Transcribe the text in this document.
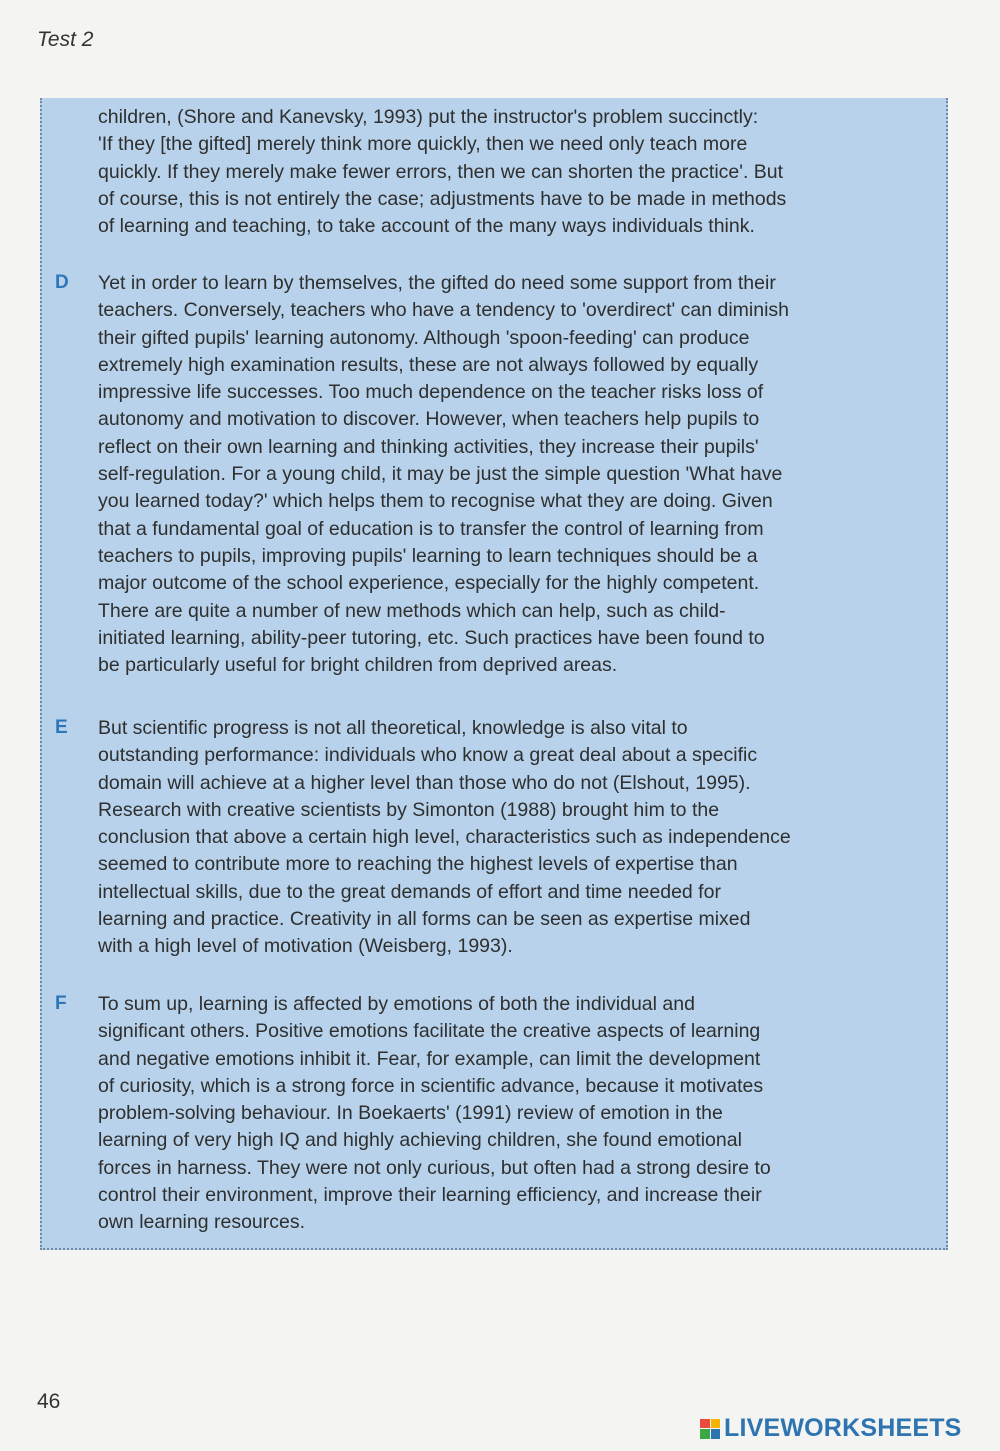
Test 2
children, (Shore and Kanevsky, 1993) put the instructor's problem succinctly:
'If they [the gifted] merely think more quickly, then we need only teach more
quickly. If they merely make fewer errors, then we can shorten the practice'. But
of course, this is not entirely the case; adjustments have to be made in methods
of learning and teaching, to take account of the many ways individuals think.
D Yet in order to learn by themselves, the gifted do need some support from their
teachers. Conversely, teachers who have a tendency to 'overdirect' can diminish
their gifted pupils' learning autonomy. Although 'spoon-feeding' can produce
extremely high examination results, these are not always followed by equally
impressive life successes. Too much dependence on the teacher risks loss of
autonomy and motivation to discover. However, when teachers help pupils to
reflect on their own learning and thinking activities, they increase their pupils'
self-regulation. For a young child, it may be just the simple question 'What have
you learned today?' which helps them to recognise what they are doing. Given
that a fundamental goal of education is to transfer the control of learning from
teachers to pupils, improving pupils' learning to learn techniques should be a
major outcome of the school experience, especially for the highly competent.
There are quite a number of new methods which can help, such as child-
initiated learning, ability-peer tutoring, etc. Such practices have been found to
be particularly useful for bright children from deprived areas.
E But scientific progress is not all theoretical, knowledge is also vital to
outstanding performance: individuals who know a great deal about a specific
domain will achieve at a higher level than those who do not (Elshout, 1995).
Research with creative scientists by Simonton (1988) brought him to the
conclusion that above a certain high level, characteristics such as independence
seemed to contribute more to reaching the highest levels of expertise than
intellectual skills, due to the great demands of effort and time needed for
learning and practice. Creativity in all forms can be seen as expertise mixed
with a high level of motivation (Weisberg, 1993).
F To sum up, learning is affected by emotions of both the individual and
significant others. Positive emotions facilitate the creative aspects of learning
and negative emotions inhibit it. Fear, for example, can limit the development
of curiosity, which is a strong force in scientific advance, because it motivates
problem-solving behaviour. In Boekaerts' (1991) review of emotion in the
learning of very high IQ and highly achieving children, she found emotional
forces in harness. They were not only curious, but often had a strong desire to
control their environment, improve their learning efficiency, and increase their
own learning resources.
46
LIVEWORKSHEETS
